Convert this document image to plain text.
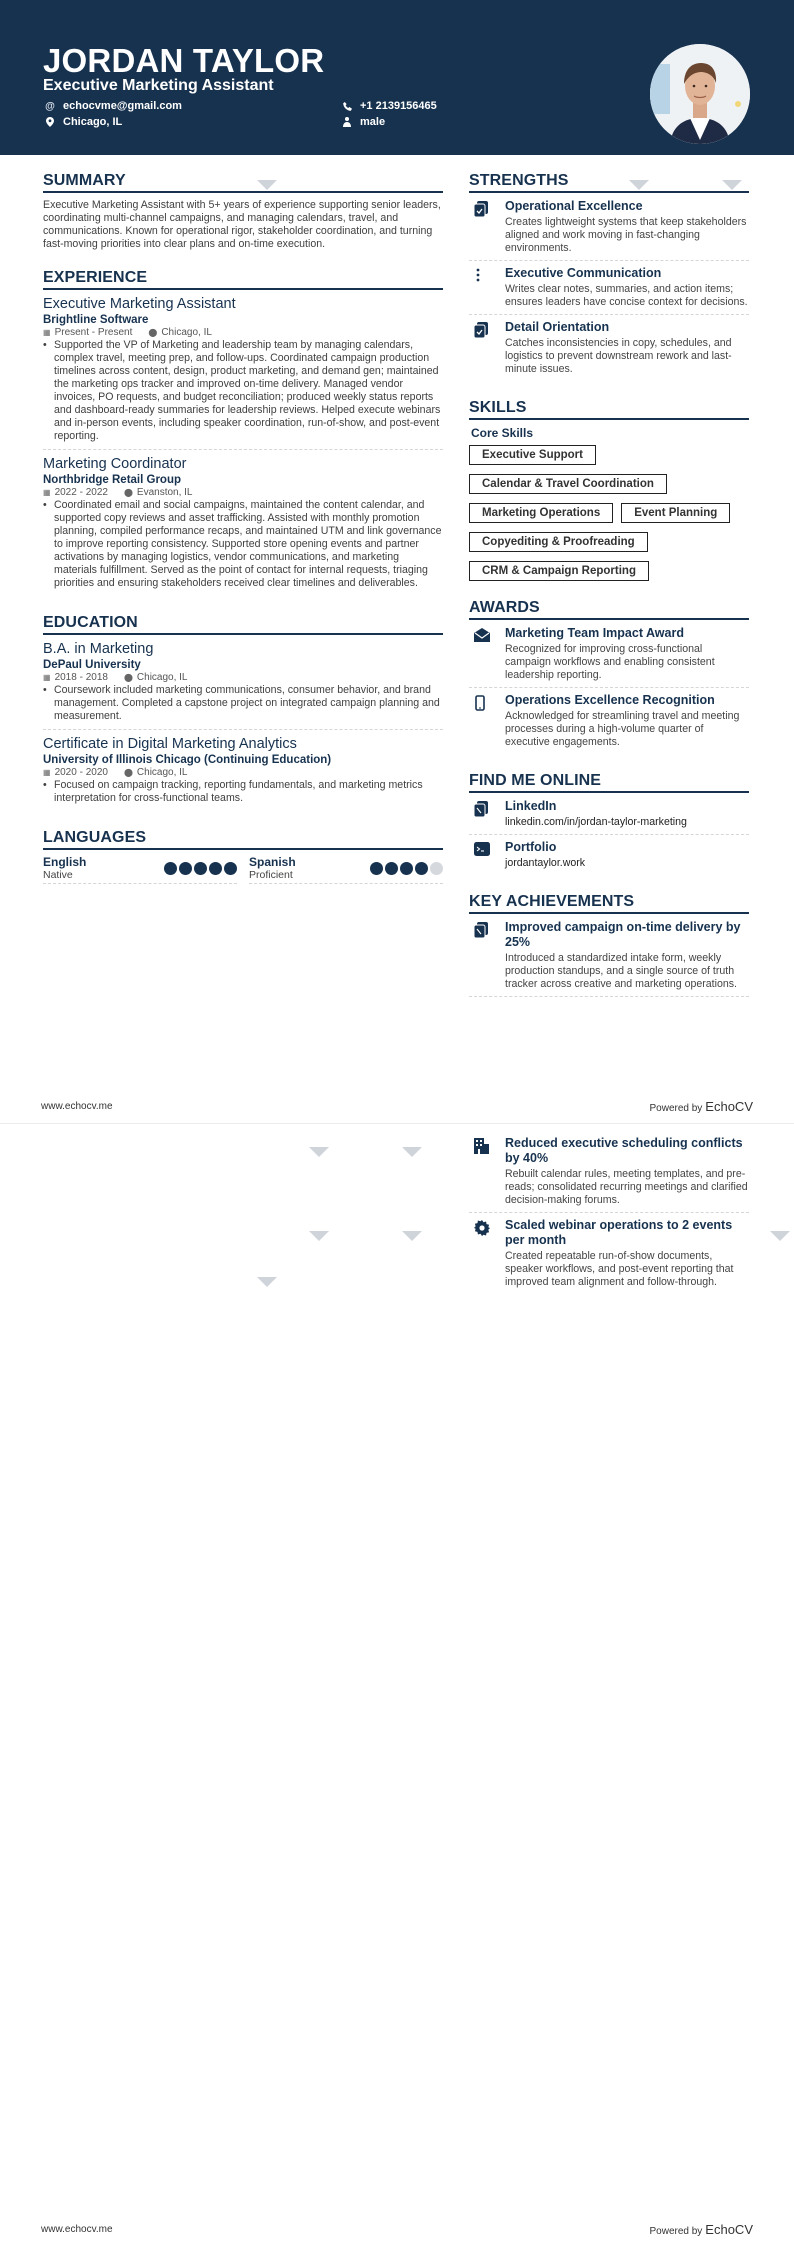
JORDAN TAYLOR
Executive Marketing Assistant
@ echocvme@gmail.com
Chicago, IL
+1 2139156465
male
SUMMARY

Executive Marketing Assistant with 5+ years of experience supporting senior leaders, coordinating multi-channel campaigns, and managing calendars, travel, and communications. Known for operational rigor, stakeholder coordination, and turning fast-moving priorities into clear plans and on-time execution.

EXPERIENCE
Executive Marketing Assistant
Brightline Software
▦ Present - Present ⬤ Chicago, IL
• Supported the VP of Marketing and leadership team by managing calendars, complex travel, meeting prep, and follow-ups. Coordinated campaign production timelines across content, design, product marketing, and demand gen; maintained the marketing ops tracker and improved on-time delivery. Managed vendor invoices, PO requests, and budget reconciliation; produced weekly status reports and dashboard-ready summaries for leadership reviews. Helped execute webinars and in-person events, including speaker coordination, run-of-show, and post-event reporting.
Marketing Coordinator
Northbridge Retail Group
▦ 2022 - 2022 ⬤ Evanston, IL
• Coordinated email and social campaigns, maintained the content calendar, and supported copy reviews and asset trafficking. Assisted with monthly promotion planning, compiled performance recaps, and maintained UTM and link governance to improve reporting consistency. Supported store opening events and partner activations by managing logistics, vendor communications, and marketing materials fulfillment. Served as the point of contact for internal requests, triaging priorities and ensuring stakeholders received clear timelines and deliverables.
EDUCATION
B.A. in Marketing
DePaul University
▦ 2018 - 2018 ⬤ Chicago, IL
• Coursework included marketing communications, consumer behavior, and brand management. Completed a capstone project on integrated campaign planning and measurement.
Certificate in Digital Marketing Analytics
University of Illinois Chicago (Continuing Education)
▦ 2020 - 2020 ⬤ Chicago, IL
• Focused on campaign tracking, reporting fundamentals, and marketing metrics interpretation for cross-functional teams.
LANGUAGES
English
Native
Spanish
Proficient
STRENGTHS
Operational Excellence
Creates lightweight systems that keep stakeholders aligned and work moving in fast-changing environments.
Executive Communication
Writes clear notes, summaries, and action items; ensures leaders have concise context for decisions.
Detail Orientation
Catches inconsistencies in copy, schedules, and logistics to prevent downstream rework and last-minute issues.
SKILLS
Core Skills
Executive Support
Calendar & Travel Coordination
Marketing Operations	Event Planning
Copyediting & Proofreading
CRM & Campaign Reporting
AWARDS
Marketing Team Impact Award
Recognized for improving cross-functional campaign workflows and enabling consistent leadership reporting.
Operations Excellence Recognition
Acknowledged for streamlining travel and meeting processes during a high-volume quarter of executive engagements.
FIND ME ONLINE
LinkedIn
linkedin.com/in/jordan-taylor-marketing
Portfolio
jordantaylor.work
KEY ACHIEVEMENTS
Improved campaign on-time delivery by 25%
Introduced a standardized intake form, weekly production standups, and a single source of truth tracker across creative and marketing operations.
www.echocv.me	Powered by EchoCV
Reduced executive scheduling conflicts by 40%
Rebuilt calendar rules, meeting templates, and pre-reads; consolidated recurring meetings and clarified decision-making forums.
Scaled webinar operations to 2 events per month
Created repeatable run-of-show documents, speaker workflows, and post-event reporting that improved team alignment and follow-through.
www.echocv.me	Powered by EchoCV
